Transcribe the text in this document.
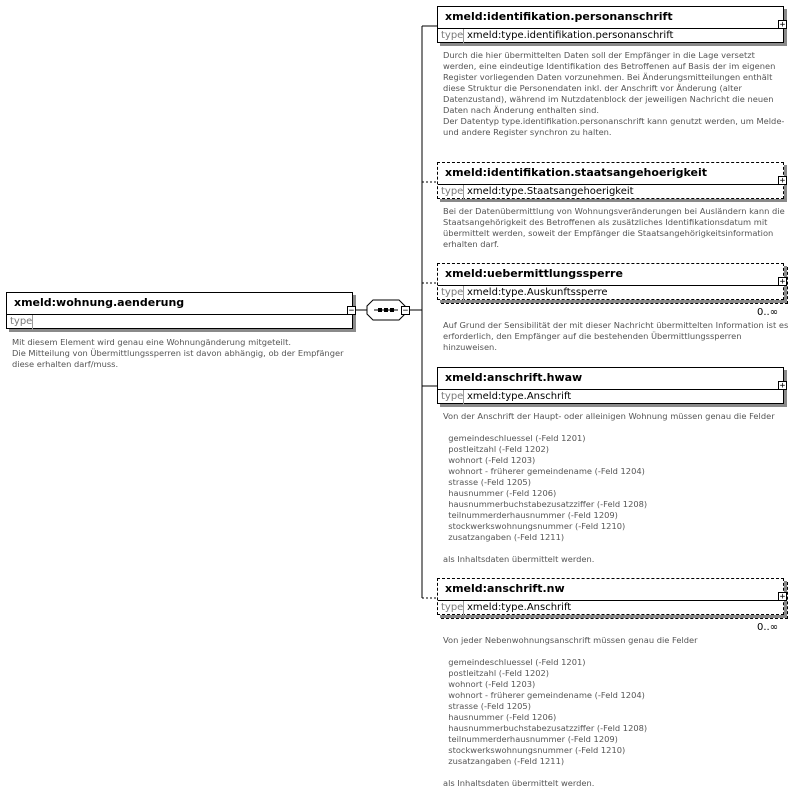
xmeld:wohnung.aenderung
type
−
Mit diesem Element wird genau eine Wohnungänderung mitgeteilt.
Die Mitteilung von Übermittlungssperren ist davon abhängig, ob der Empfänger
diese erhalten darf/muss.
−
xmeld:identifikation.personanschrift
type xmeld:type.identifikation.personanschrift
+
Durch die hier übermittelten Daten soll der Empfänger in die Lage versetzt
werden, eine eindeutige Identifikation des Betroffenen auf Basis der im eigenen
Register vorliegenden Daten vorzunehmen. Bei Änderungsmitteilungen enthält
diese Struktur die Personendaten inkl. der Anschrift vor Änderung (alter
Datenzustand), während im Nutzdatenblock der jeweiligen Nachricht die neuen
Daten nach Änderung enthalten sind.
Der Datentyp type.identifikation.personanschrift kann genutzt werden, um Melde-
und andere Register synchron zu halten.
xmeld:identifikation.staatsangehoerigkeit
type xmeld:type.Staatsangehoerigkeit
+
Bei der Datenübermittlung von Wohnungsveränderungen bei Ausländern kann die
Staatsangehörigkeit des Betroffenen als zusätzliches Identifikationsdatum mit
übermittelt werden, soweit der Empfänger die Staatsangehörigkeitsinformation
erhalten darf.
xmeld:uebermittlungssperre
type xmeld:type.Auskunftssperre
+
0..∞
Auf Grund der Sensibilität der mit dieser Nachricht übermittelten Information ist es
erforderlich, den Empfänger auf die bestehenden Übermittlungssperren
hinzuweisen.
xmeld:anschrift.hwaw
type xmeld:type.Anschrift
+
Von der Anschrift der Haupt- oder alleinigen Wohnung müssen genau die Felder

gemeindeschluessel (-Feld 1201)
postleitzahl (-Feld 1202)
wohnort (-Feld 1203)
wohnort - früherer gemeindename (-Feld 1204)
strasse (-Feld 1205)
hausnummer (-Feld 1206)
hausnummerbuchstabezusatzziffer (-Feld 1208)
teilnummerderhausnummer (-Feld 1209)
stockwerkswohnungsnummer (-Feld 1210)
zusatzangaben (-Feld 1211)

als Inhaltsdaten übermittelt werden.
xmeld:anschrift.nw
type xmeld:type.Anschrift
+
0..∞
Von jeder Nebenwohnungsanschrift müssen genau die Felder

gemeindeschluessel (-Feld 1201)
postleitzahl (-Feld 1202)
wohnort (-Feld 1203)
wohnort - früherer gemeindename (-Feld 1204)
strasse (-Feld 1205)
hausnummer (-Feld 1206)
hausnummerbuchstabezusatzziffer (-Feld 1208)
teilnummerderhausnummer (-Feld 1209)
stockwerkswohnungsnummer (-Feld 1210)
zusatzangaben (-Feld 1211)

als Inhaltsdaten übermittelt werden.
